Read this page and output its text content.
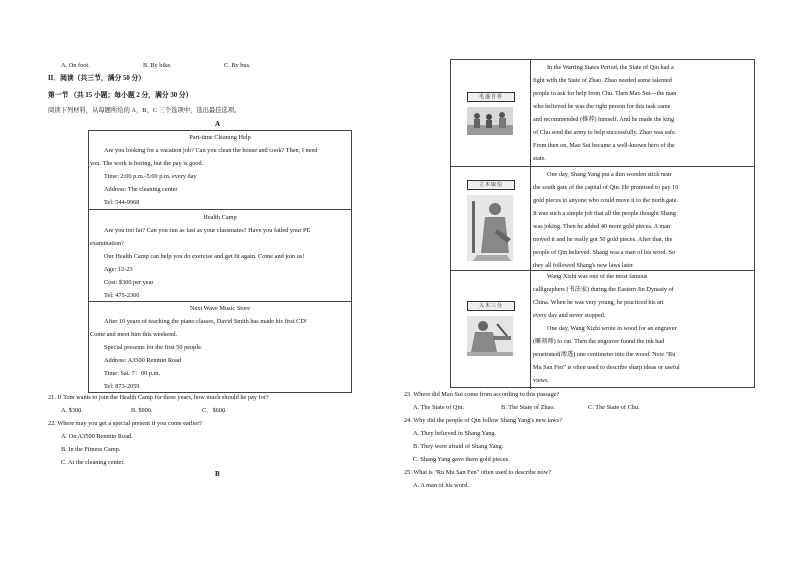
A. On foot.	B. By bike.	C. By bus.
II．阅读（共三节，满分 50 分）
第一节 （共 15 小题；每小题 2 分，满分 30 分）
阅读下列材料，从每题所给的 A、B、C 三个选项中，选出最佳选项。
A
Part-time Cleaning Help
Are you looking for a vacation job? Can you clean the house and cook? Then, I need
you. The work is boring, but the pay is good.
Time: 2:00 p.m.-5:00 p.m. every day
Address: The cleaning center
Tel: 544-9968
Health Camp
Are you too fat? Can you run as fast as your classmates? Have you failed your PE
examination?
Our Health Camp can help you do exercise and get fit again. Come and join us!
Age: 12-23
Cost: $300 per year
Tel: 475-2300
Next Wave Music Store
After 10 years of teaching the piano classes, David Smith has made his first CD!
Come and meet him this weekend.
Special presents for the first 50 people.
Address: A3500 Renmin Road
Time: Sat. 7：00 p.m.
Tel: 873-2059
21. If Tom wants to join the Health Camp for three years, how much should he pay for?
A. $300.	B. $900.	C．$600.
22. Where may you get a special present if you come earlier?
A. On A3500 Renmin Road.
B. In the Fitness Camp.
C. At the cleaning center.
B
毛遂自荐
In the Warring States Period, the State of Qin had a
fight with the State of Zhao. Zhao needed some talented
people to ask for help from Chu. Then Mao Sui—the man
who believed he was the right person for this task came
and recommended (推荐) himself. And he made the king
of Chu send the army to help successfully. Zhao was safe.
From then on, Mao Sui became a well-known hero of the
state.
立木取信
One day, Shang Yang put a thin wooden stick near
the south gate of the capital of Qin. He promised to pay 10
gold pieces to anyone who could move it to the north gate.
It was such a simple job that all the people thought Shang
was joking. Then he added 40 more gold pieces. A man
moved it and he really got 50 gold pieces. After that, the
people of Qin believed. Shang was a man of his word. So
they all followed Shang's new laws later.
入木三分
Wang Xizhi was one of the most famous
calligraphers (书法家) during the Eastern Jin Dynasty of
China. When he was very young, he practiced his art
every day and never stopped.
One day, Wang Xizhi wrote in wood for an engraver
(雕刻师) to cut. Then the engraver found the ink had
penetrated(渗透) one centimeter into the wood. Now "Ru
Mu San Fen" is often used to describe sharp ideas or useful
views.
23. Where did Mao Sui come from according to this passage?
A. The State of Qin.	B. The State of Zhao.	C. The State of Chu.
24. Why did the people of Qin follow Shang Yang's new laws?
A. They believed in Shang Yang.
B. They were afraid of Shang Yang.
C. Shang Yang gave them gold pieces.
25. What is "Ru Mu San Fen" often used to describe now?
A. A man of his word.
